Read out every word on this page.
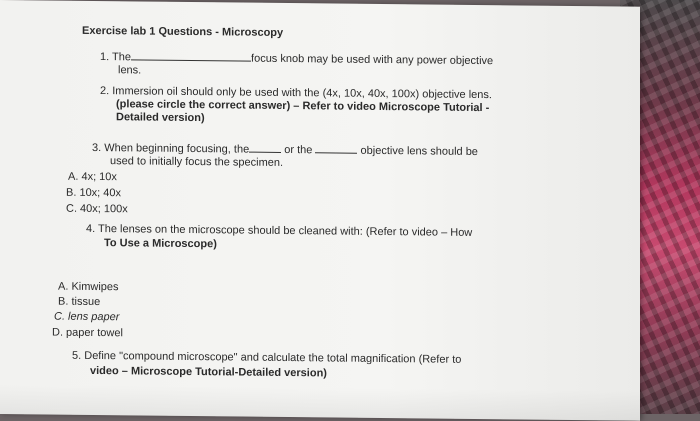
Exercise lab 1 Questions - Microscopy
1. The	focus knob may be used with any power objective
lens.
2. Immersion oil should only be used with the (4x, 10x, 40x, 100x) objective lens.
(please circle the correct answer) – Refer to video Microscope Tutorial -
Detailed version)
3. When beginning focusing, the	or the	objective lens should be
used to initially focus the specimen.
A. 4x; 10x
B. 10x; 40x
C. 40x; 100x
4. The lenses on the microscope should be cleaned with: (Refer to video – How
To Use a Microscope)
A. Kimwipes
B. tissue
C. lens paper
D. paper towel
5. Define "compound microscope" and calculate the total magnification (Refer to
video – Microscope Tutorial-Detailed version)
